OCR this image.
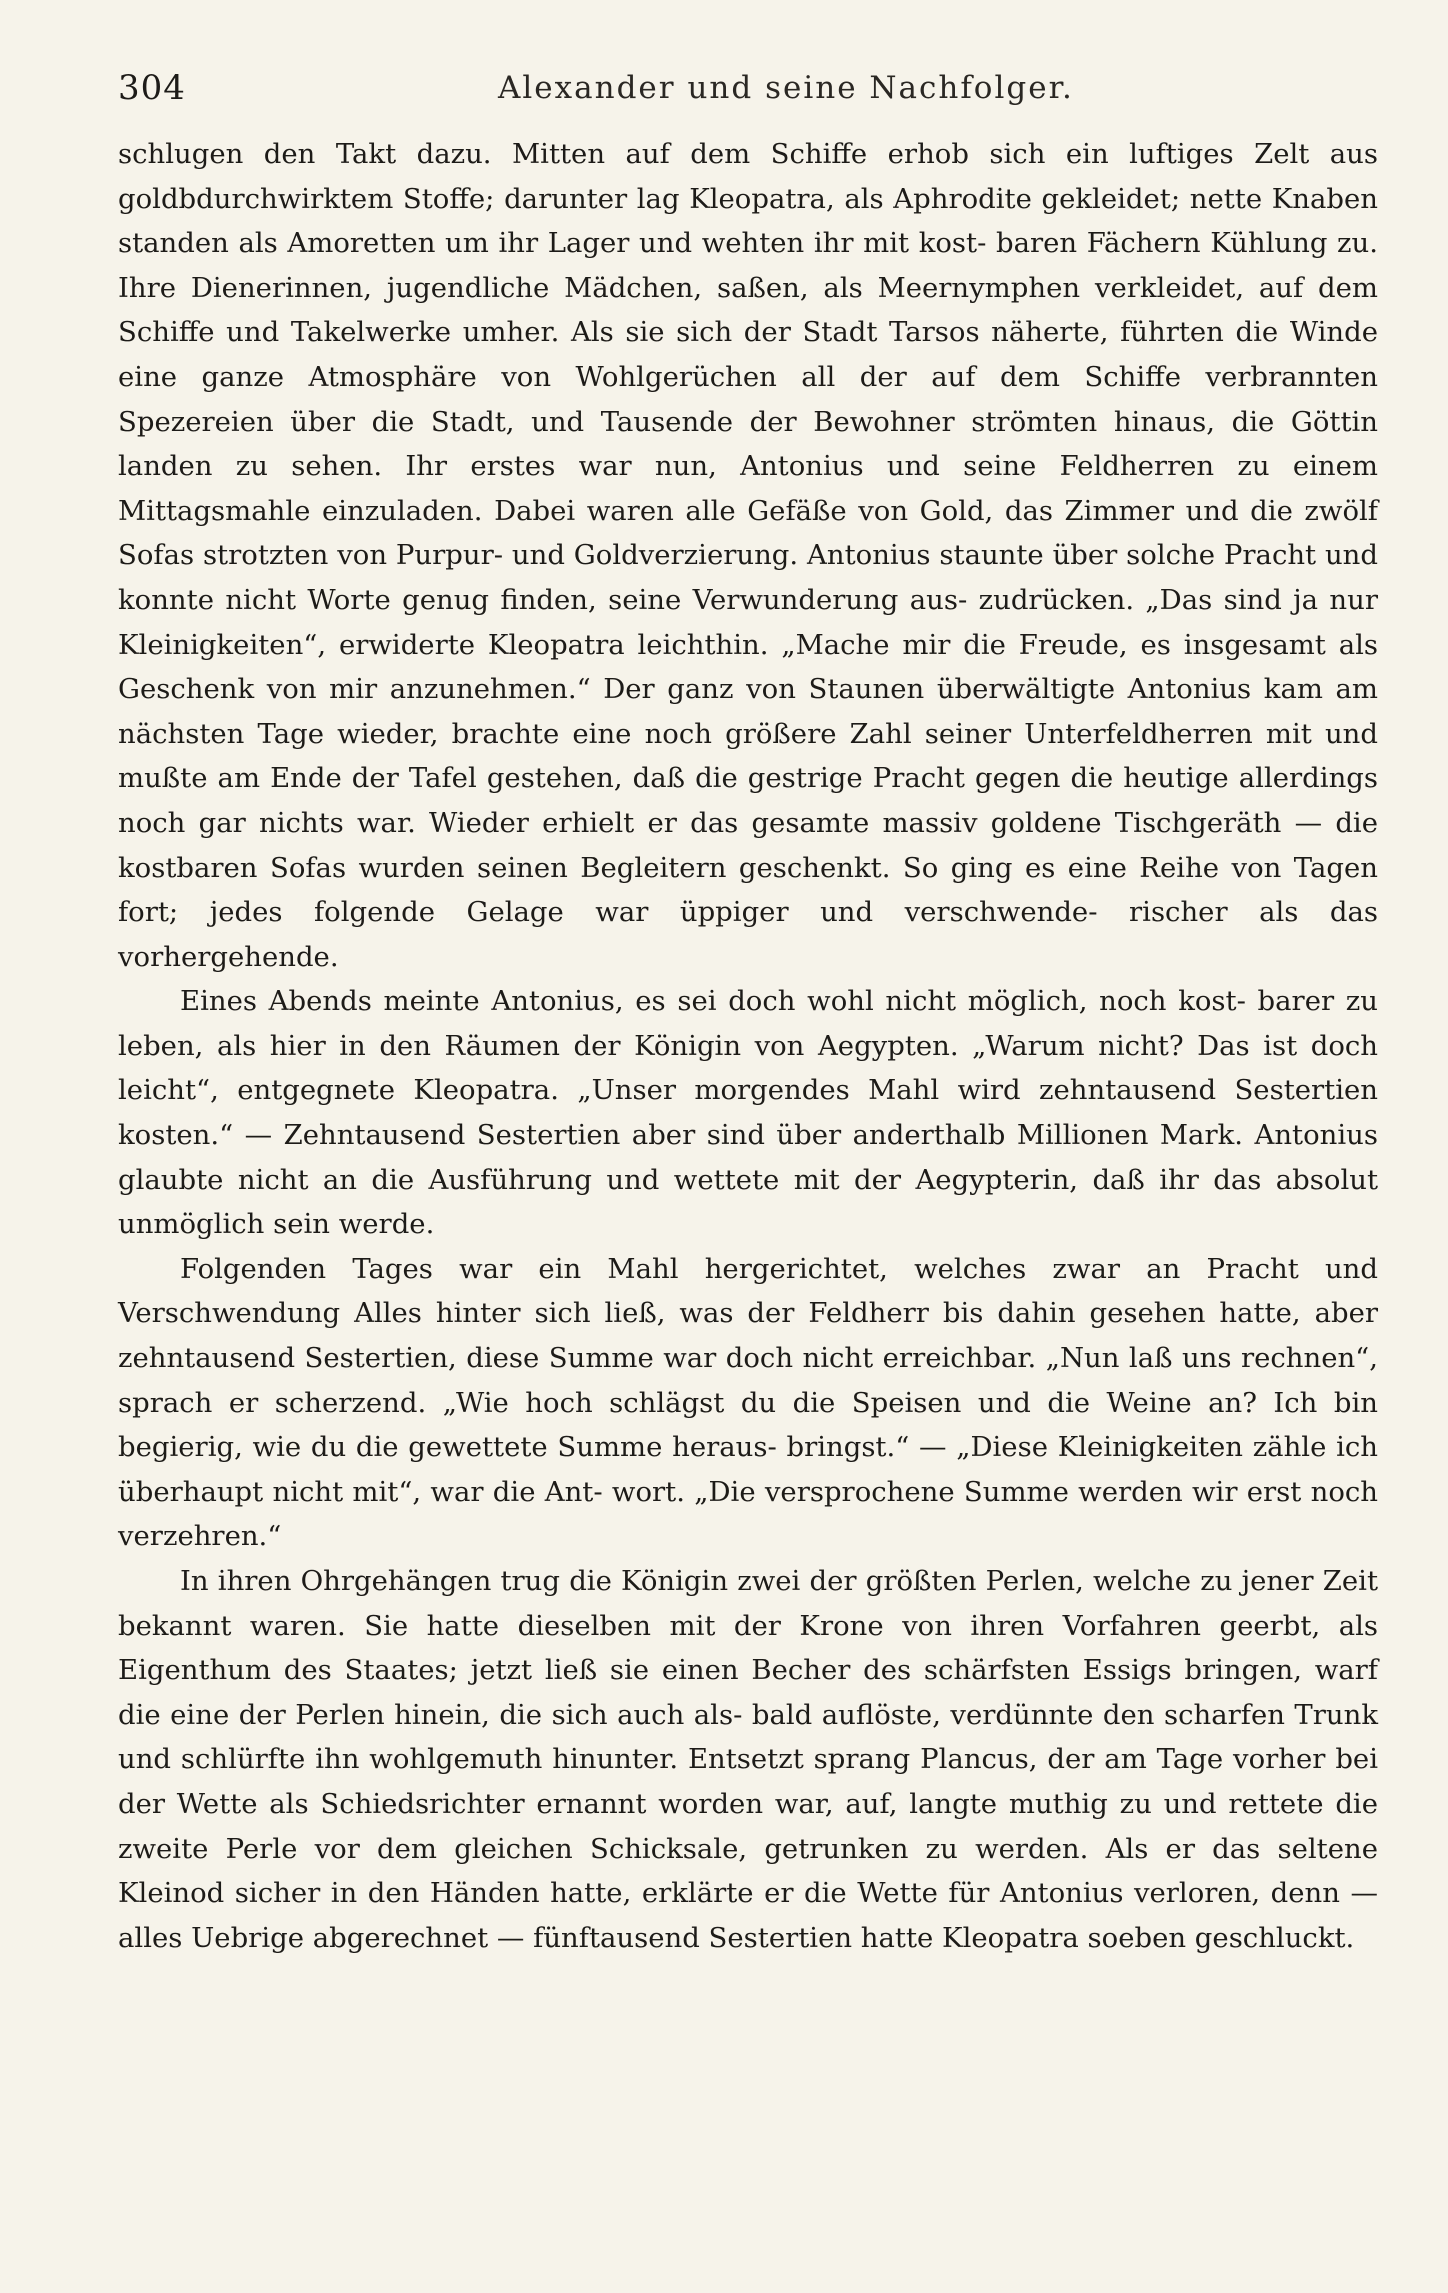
304	Alexander und seine Nachfolger.

schlugen den Takt dazu. Mitten auf dem Schiffe erhob sich ein luftiges Zelt aus goldbdurchwirktem Stoffe; darunter lag Kleopatra, als Aphrodite gekleidet; nette Knaben standen als Amoretten um ihr Lager und wehten ihr mit kost- baren Fächern Kühlung zu. Ihre Dienerinnen, jugendliche Mädchen, saßen, als Meernymphen verkleidet, auf dem Schiffe und Takelwerke umher. Als sie sich der Stadt Tarsos näherte, führten die Winde eine ganze Atmosphäre von Wohlgerüchen all der auf dem Schiffe verbrannten Spezereien über die Stadt, und Tausende der Bewohner strömten hinaus, die Göttin landen zu sehen. Ihr erstes war nun, Antonius und seine Feldherren zu einem Mittagsmahle einzuladen. Dabei waren alle Gefäße von Gold, das Zimmer und die zwölf Sofas strotzten von Purpur- und Goldverzierung. Antonius staunte über solche Pracht und konnte nicht Worte genug finden, seine Verwunderung aus- zudrücken. „Das sind ja nur Kleinigkeiten“, erwiderte Kleopatra leichthin. „Mache mir die Freude, es insgesamt als Geschenk von mir anzunehmen.“ Der ganz von Staunen überwältigte Antonius kam am nächsten Tage wieder, brachte eine noch größere Zahl seiner Unterfeldherren mit und mußte am Ende der Tafel gestehen, daß die gestrige Pracht gegen die heutige allerdings noch gar nichts war. Wieder erhielt er das gesamte massiv goldene Tischgeräth — die kostbaren Sofas wurden seinen Begleitern geschenkt. So ging es eine Reihe von Tagen fort; jedes folgende Gelage war üppiger und verschwende- rischer als das vorhergehende.

Eines Abends meinte Antonius, es sei doch wohl nicht möglich, noch kost- barer zu leben, als hier in den Räumen der Königin von Aegypten. „Warum nicht? Das ist doch leicht“, entgegnete Kleopatra. „Unser morgendes Mahl wird zehntausend Sestertien kosten.“ — Zehntausend Sestertien aber sind über anderthalb Millionen Mark. Antonius glaubte nicht an die Ausführung und wettete mit der Aegypterin, daß ihr das absolut unmöglich sein werde.

Folgenden Tages war ein Mahl hergerichtet, welches zwar an Pracht und Verschwendung Alles hinter sich ließ, was der Feldherr bis dahin gesehen hatte, aber zehntausend Sestertien, diese Summe war doch nicht erreichbar. „Nun laß uns rechnen“, sprach er scherzend. „Wie hoch schlägst du die Speisen und die Weine an? Ich bin begierig, wie du die gewettete Summe heraus- bringst.“ — „Diese Kleinigkeiten zähle ich überhaupt nicht mit“, war die Ant- wort. „Die versprochene Summe werden wir erst noch verzehren.“

In ihren Ohrgehängen trug die Königin zwei der größten Perlen, welche zu jener Zeit bekannt waren. Sie hatte dieselben mit der Krone von ihren Vorfahren geerbt, als Eigenthum des Staates; jetzt ließ sie einen Becher des schärfsten Essigs bringen, warf die eine der Perlen hinein, die sich auch als- bald auflöste, verdünnte den scharfen Trunk und schlürfte ihn wohlgemuth hinunter. Entsetzt sprang Plancus, der am Tage vorher bei der Wette als Schiedsrichter ernannt worden war, auf, langte muthig zu und rettete die zweite Perle vor dem gleichen Schicksale, getrunken zu werden. Als er das seltene Kleinod sicher in den Händen hatte, erklärte er die Wette für Antonius verloren, denn — alles Uebrige abgerechnet — fünftausend Sestertien hatte Kleopatra soeben geschluckt.
